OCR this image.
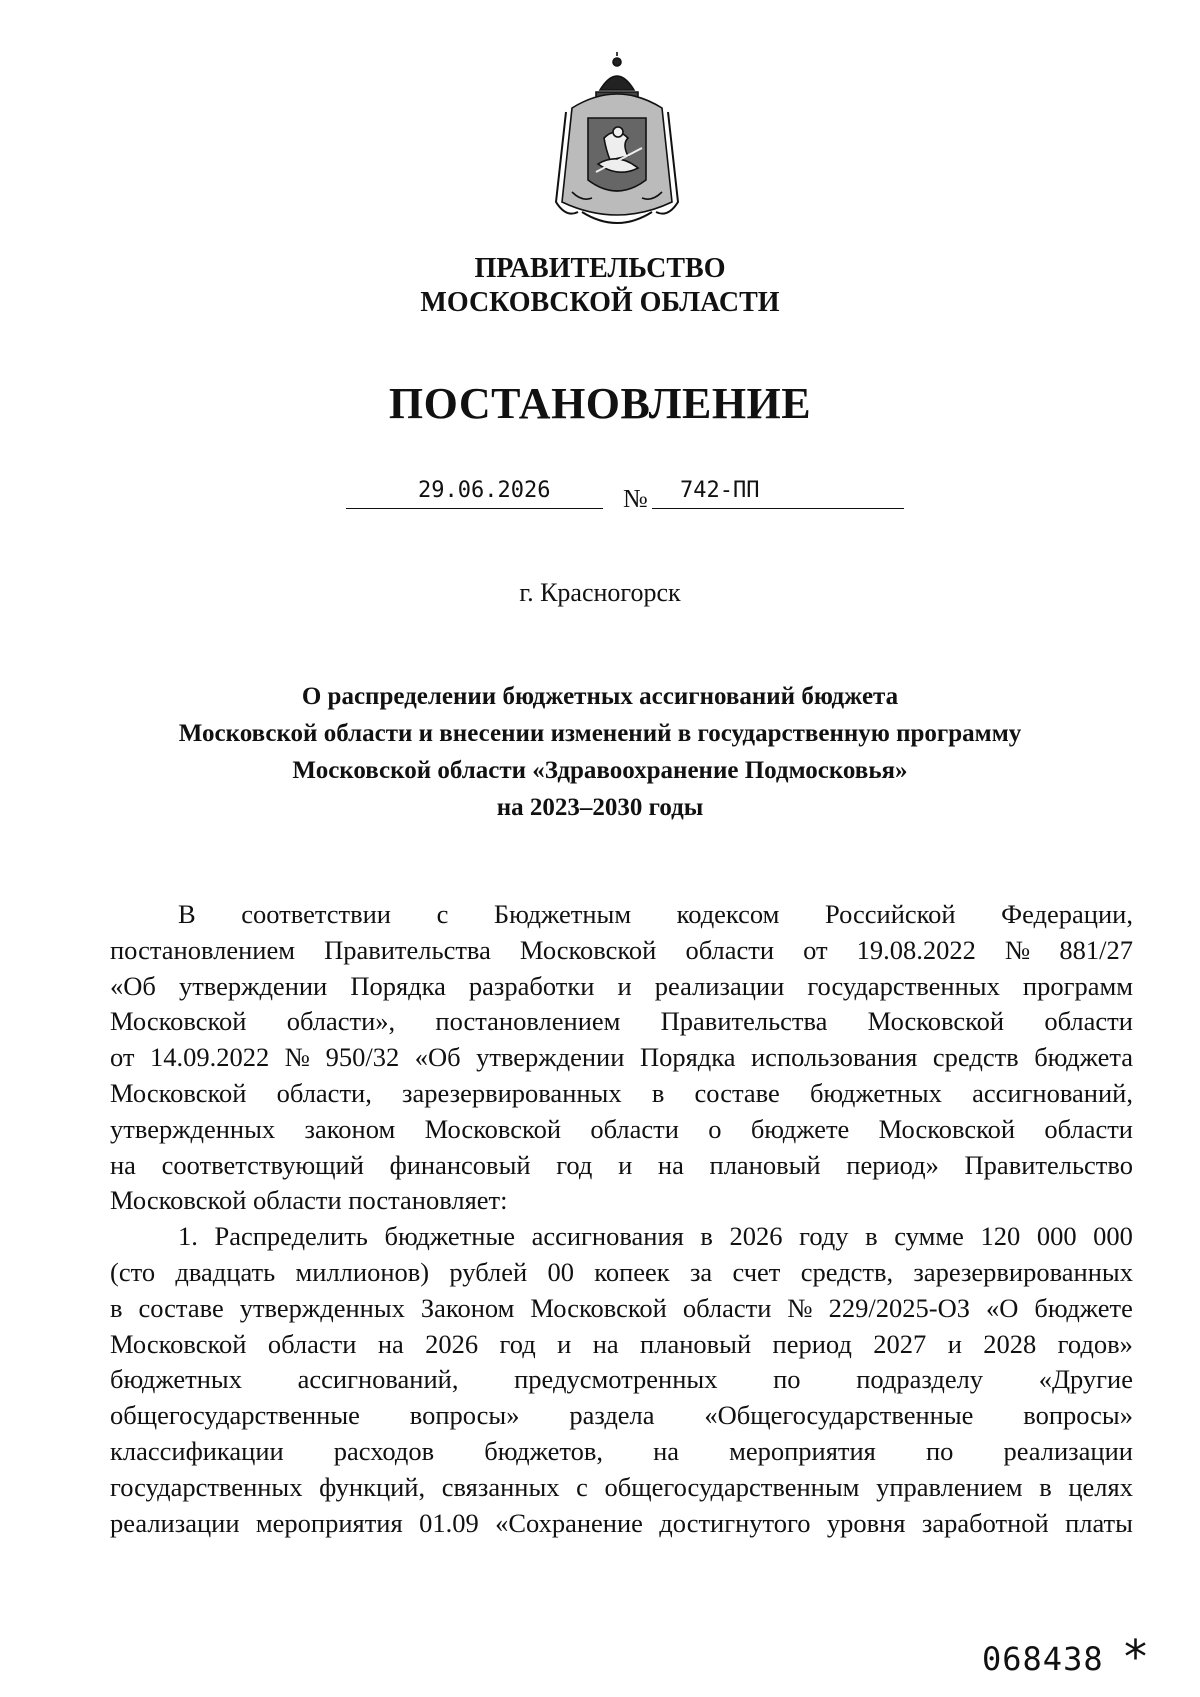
ПРАВИТЕЛЬСТВО
МОСКОВСКОЙ ОБЛАСТИ
ПОСТАНОВЛЕНИЕ
29.06.2026	№ 742-ПП
г. Красногорск
О распределении бюджетных ассигнований бюджета
Московской области и внесении изменений в государственную программу
Московской области «Здравоохранение Подмосковья»
на 2023–2030 годы
В соответствии с Бюджетным кодексом Российской Федерации,
постановлением Правительства Московской области от 19.08.2022 № 881/27
«Об утверждении Порядка разработки и реализации государственных программ
Московской области», постановлением Правительства Московской области
от 14.09.2022 № 950/32 «Об утверждении Порядка использования средств бюджета
Московской области, зарезервированных в составе бюджетных ассигнований,
утвержденных законом Московской области о бюджете Московской области
на соответствующий финансовый год и на плановый период» Правительство
Московской области постановляет:
1. Распределить бюджетные ассигнования в 2026 году в сумме 120 000 000
(сто двадцать миллионов) рублей 00 копеек за счет средств, зарезервированных
в составе утвержденных Законом Московской области № 229/2025-ОЗ «О бюджете
Московской области на 2026 год и на плановый период 2027 и 2028 годов»
бюджетных ассигнований, предусмотренных по подразделу «Другие
общегосударственные вопросы» раздела «Общегосударственные вопросы»
классификации расходов бюджетов, на мероприятия по реализации
государственных функций, связанных с общегосударственным управлением в целях
реализации мероприятия 01.09 «Сохранение достигнутого уровня заработной платы
068438 *
